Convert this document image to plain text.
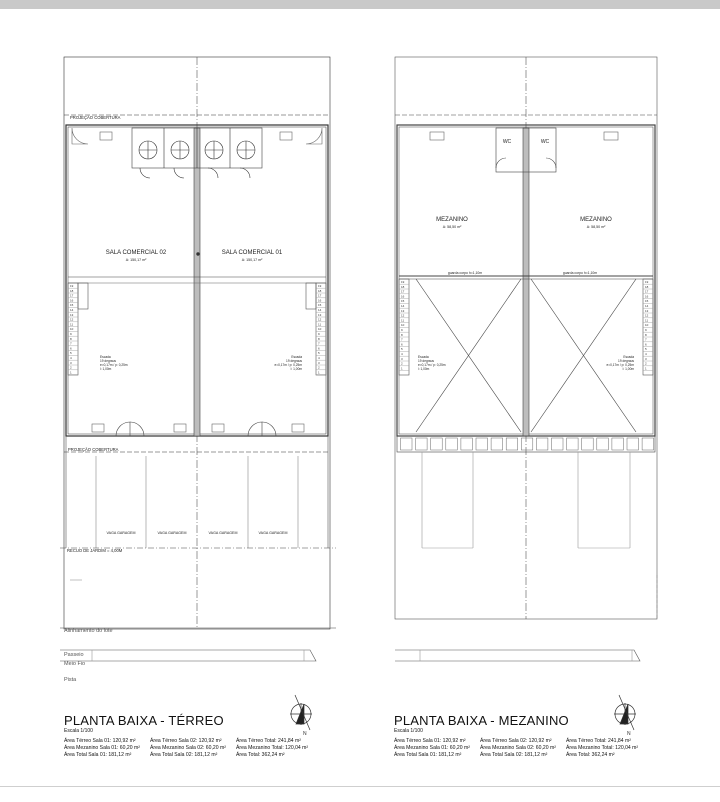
19
18
17
16
15
14
13
12
11
10
9
8
7
6
5
4
3
2
1
19
18
17
16
15
14
13
12
11
10
9
8
7
6
5
4
3
2
1
19
18
17
16
15
14
13
12
11
10
9
8
7
6
5
4
3
2
1
19
18
17
16
15
14
13
12
11
10
9
8
7
6
5
4
3
2
1
PROJEÇÃO COBERTURA
PROJEÇÃO COBERTURA
SALA COMERCIAL 02
A: 150,17 m²
SALA COMERCIAL 01
A: 150,17 m²
Escada
19 degraus
e=0,17m / p: 0,25m
l: 1,00m
Escada
19 degraus
e=0,17m / p: 0,25m
l: 1,00m
VAGA GARAGEM	VAGA GARAGEM	VAGA GARAGEM	VAGA GARAGEM
RECUO DE JARDIM = 4,00M
Alinhamento do lote
Passeio
Meio Fio
Pista
MEZANINO
A: 58,50 m²
MEZANINO
A: 58,50 m²
WC	WC
guarda corpo h=1,10m	guarda corpo h=1,10m
Escada
19 degraus
e=0,17m / p: 0,25m
l: 1,00m
Escada
19 degraus
e=0,17m / p: 0,25m
l: 1,00m
N	N
PLANTA BAIXA - TÉRREO
Escala 1/100
Área Térreo Sala 01: 120,92 m²	Área Térreo Sala 02: 120,92 m²	Área Térreo Total: 241,84 m²
Área Mezanino Sala 01: 60,20 m²	Área Mezanino Sala 02: 60,20 m²	Área Mezanino Total: 120,04 m²
Área Total Sala 01: 181,12 m²	Área Total Sala 02: 181,12 m²	Área Total: 362,24 m²
PLANTA BAIXA - MEZANINO
Escala 1/100
Área Térreo Sala 01: 120,92 m²	Área Térreo Sala 02: 120,92 m²	Área Térreo Total: 241,84 m²
Área Mezanino Sala 01: 60,20 m²	Área Mezanino Sala 02: 60,20 m²	Área Mezanino Total: 120,04 m²
Área Total Sala 01: 181,12 m²	Área Total Sala 02: 181,12 m²	Área Total: 362,24 m²
